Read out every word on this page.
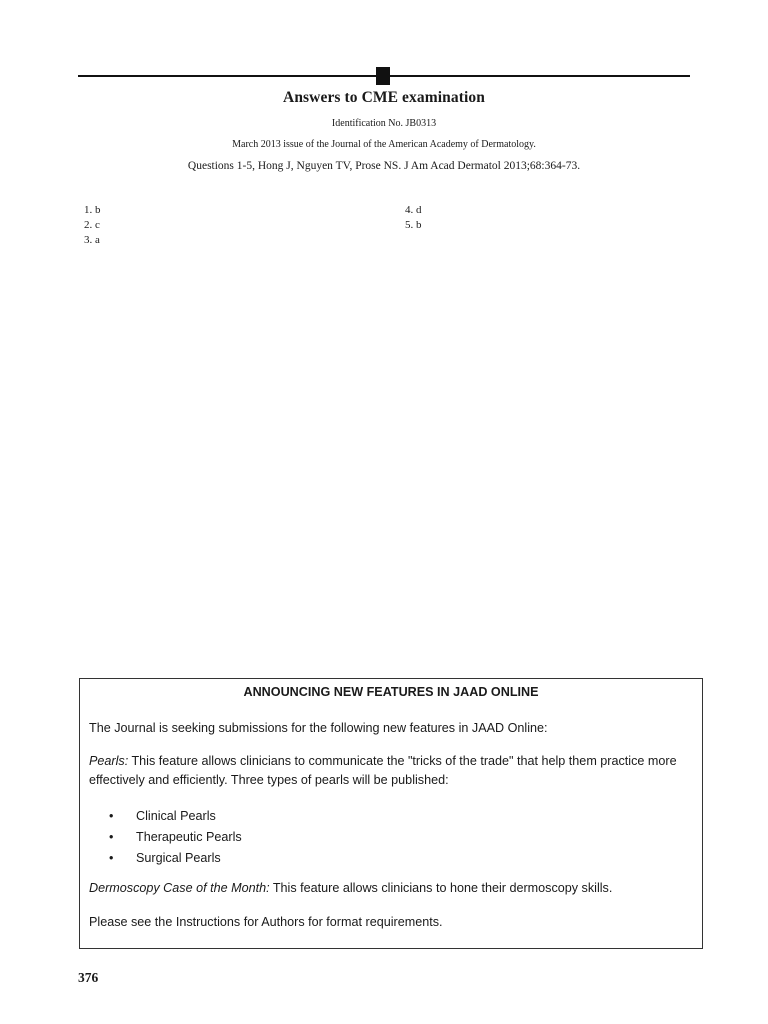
Answers to CME examination
Identification No. JB0313
March 2013 issue of the Journal of the American Academy of Dermatology.
Questions 1-5, Hong J, Nguyen TV, Prose NS. J Am Acad Dermatol 2013;68:364-73.
1. b
2. c
3. a
4. d
5. b
ANNOUNCING NEW FEATURES IN JAAD ONLINE
The Journal is seeking submissions for the following new features in JAAD Online:
Pearls: This feature allows clinicians to communicate the "tricks of the trade" that help them practice more effectively and efficiently. Three types of pearls will be published:
• Clinical Pearls
• Therapeutic Pearls
• Surgical Pearls
Dermoscopy Case of the Month: This feature allows clinicians to hone their dermoscopy skills.
Please see the Instructions for Authors for format requirements.
376
